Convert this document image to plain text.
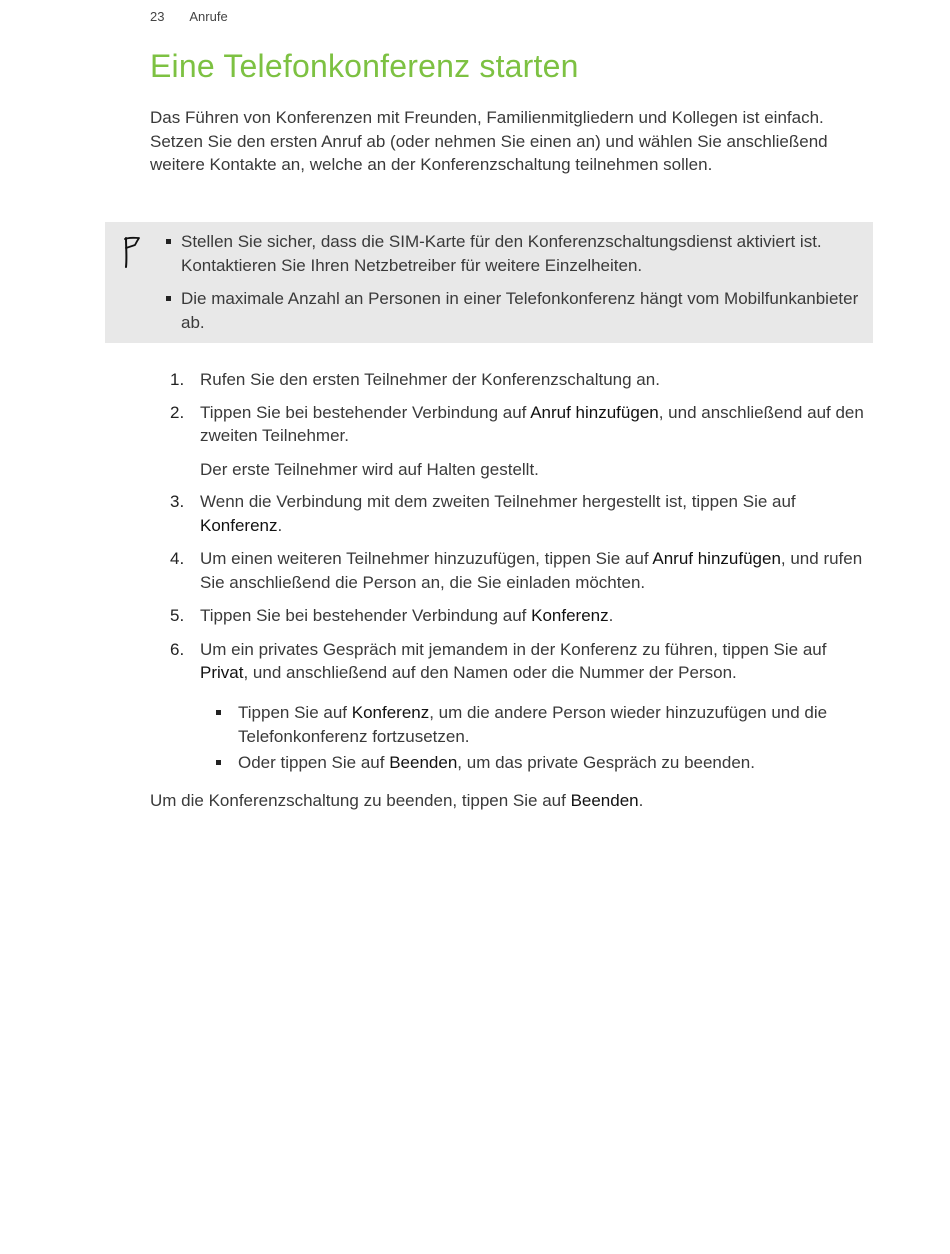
23 Anrufe
Eine Telefonkonferenz starten

Das Führen von Konferenzen mit Freunden, Familienmitgliedern und Kollegen ist einfach. Setzen Sie den ersten Anruf ab (oder nehmen Sie einen an) und wählen Sie anschließend weitere Kontakte an, welche an der Konferenzschaltung teilnehmen sollen.

Stellen Sie sicher, dass die SIM-Karte für den Konferenzschaltungsdienst aktiviert ist. Kontaktieren Sie Ihren Netzbetreiber für weitere Einzelheiten.
Die maximale Anzahl an Personen in einer Telefonkonferenz hängt vom Mobilfunkanbieter ab.
1. Rufen Sie den ersten Teilnehmer der Konferenzschaltung an.
2. Tippen Sie bei bestehender Verbindung auf Anruf hinzufügen, und anschließend auf den zweiten Teilnehmer.
Der erste Teilnehmer wird auf Halten gestellt.
3. Wenn die Verbindung mit dem zweiten Teilnehmer hergestellt ist, tippen Sie auf Konferenz.
4. Um einen weiteren Teilnehmer hinzuzufügen, tippen Sie auf Anruf hinzufügen, und rufen Sie anschließend die Person an, die Sie einladen möchten.
5. Tippen Sie bei bestehender Verbindung auf Konferenz.
6. Um ein privates Gespräch mit jemandem in der Konferenz zu führen, tippen Sie auf Privat, und anschließend auf den Namen oder die Nummer der Person.
Tippen Sie auf Konferenz, um die andere Person wieder hinzuzufügen und die Telefonkonferenz fortzusetzen.
Oder tippen Sie auf Beenden, um das private Gespräch zu beenden.

Um die Konferenzschaltung zu beenden, tippen Sie auf Beenden.
